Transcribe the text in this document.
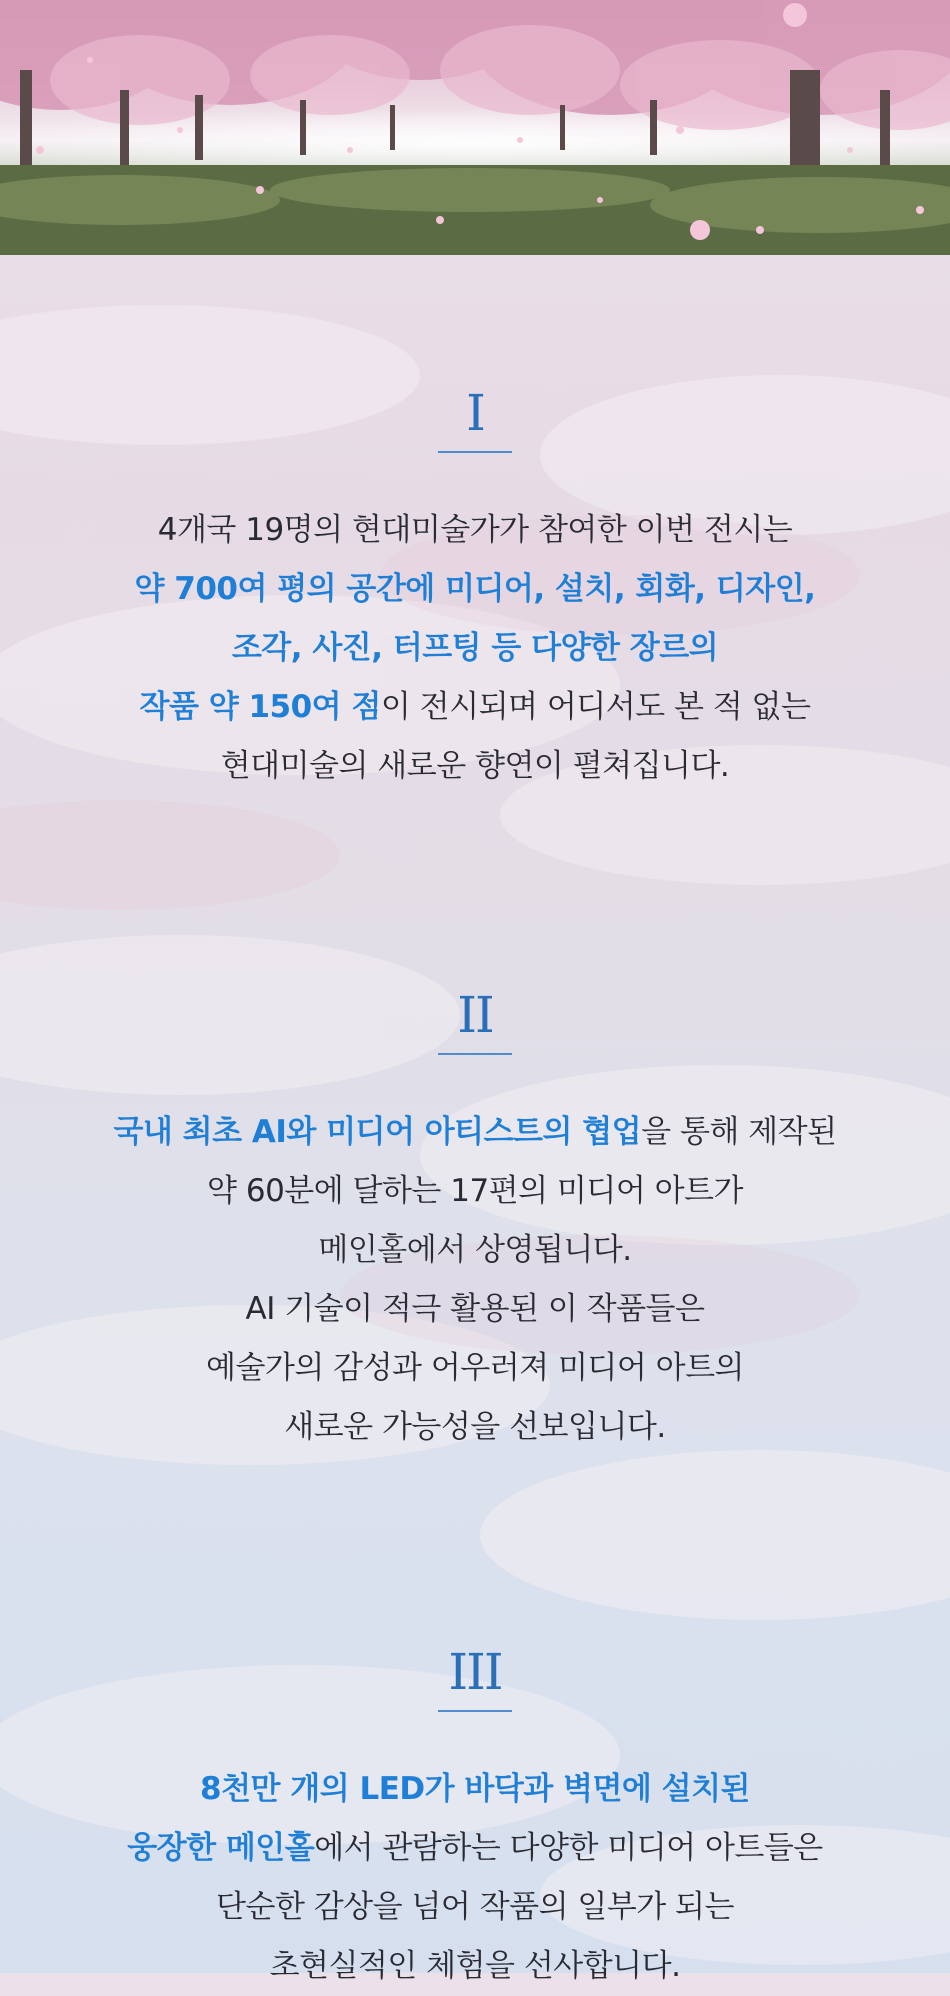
I
4개국 19명의 현대미술가가 참여한 이번 전시는
약 700여 평의 공간에 미디어, 설치, 회화, 디자인,
조각, 사진, 터프팅 등 다양한 장르의
작품 약 150여 점이 전시되며 어디서도 본 적 없는
현대미술의 새로운 향연이 펼쳐집니다.
II
국내 최초 AI와 미디어 아티스트의 협업을 통해 제작된
약 60분에 달하는 17편의 미디어 아트가
메인홀에서 상영됩니다.
AI 기술이 적극 활용된 이 작품들은
예술가의 감성과 어우러져 미디어 아트의
새로운 가능성을 선보입니다.
III
8천만 개의 LED가 바닥과 벽면에 설치된
웅장한 메인홀에서 관람하는 다양한 미디어 아트들은
단순한 감상을 넘어 작품의 일부가 되는
초현실적인 체험을 선사합니다.
